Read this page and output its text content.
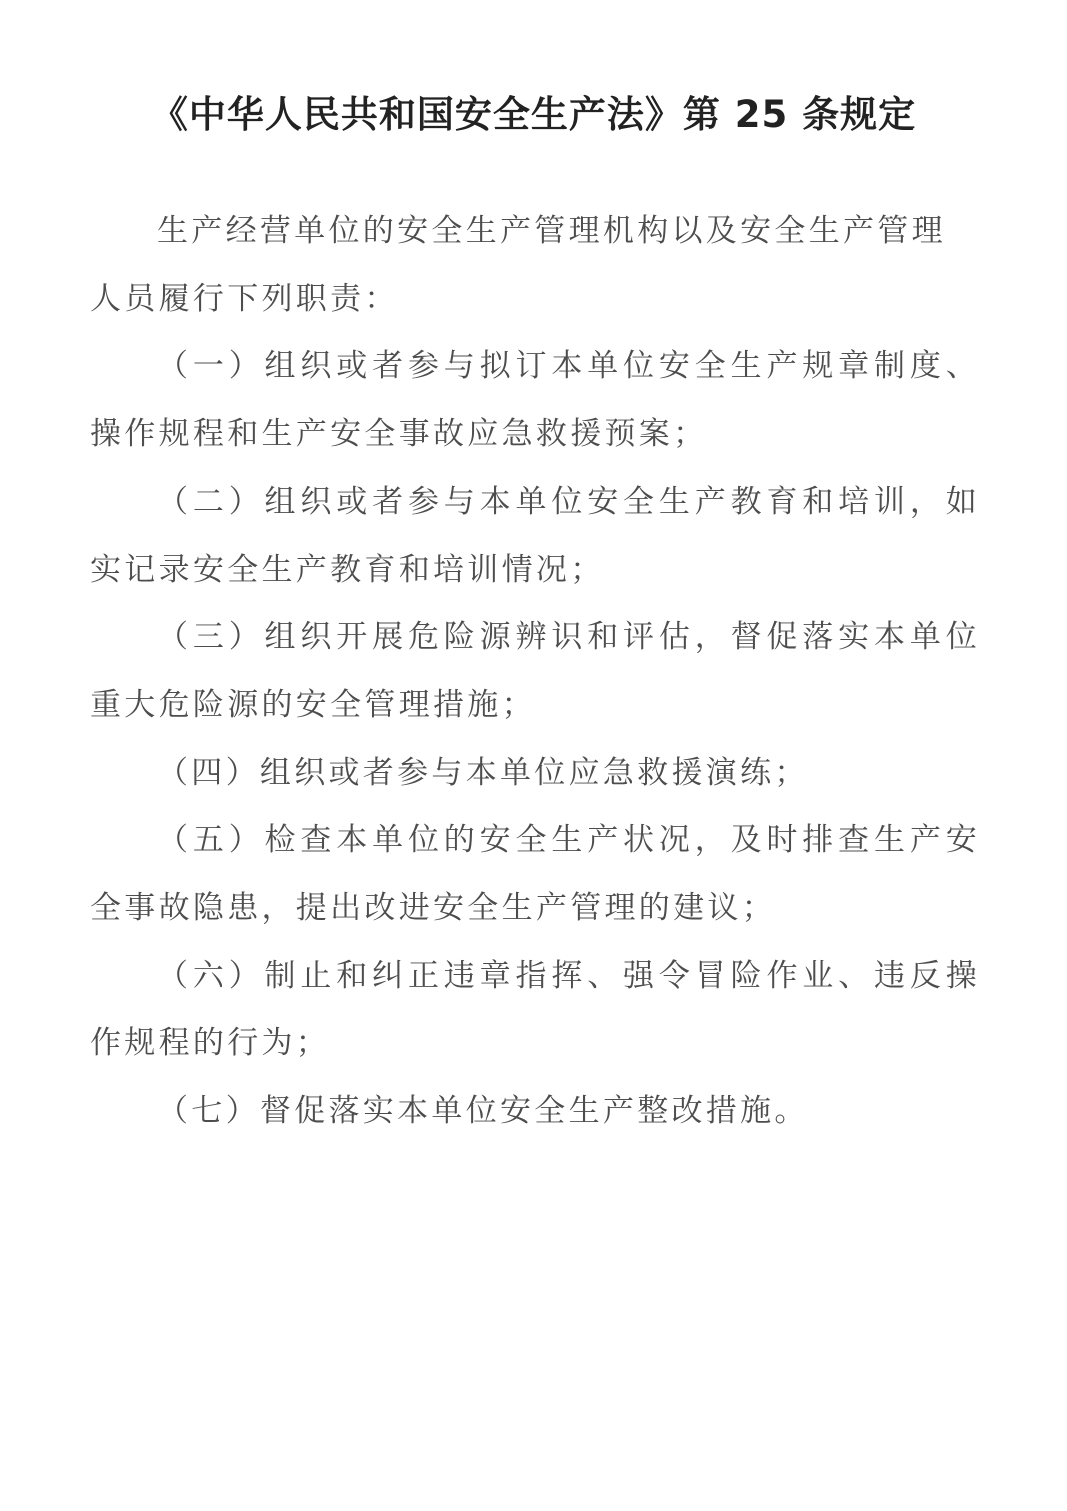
《中华人民共和国安全生产法》第 25 条规定

生产经营单位的安全生产管理机构以及安全生产管理人员履行下列职责：

（一）组织或者参与拟订本单位安全生产规章制度、操作规程和生产安全事故应急救援预案；

（二）组织或者参与本单位安全生产教育和培训，如实记录安全生产教育和培训情况；

（三）组织开展危险源辨识和评估，督促落实本单位重大危险源的安全管理措施；

（四）组织或者参与本单位应急救援演练；

（五）检查本单位的安全生产状况，及时排查生产安全事故隐患，提出改进安全生产管理的建议；

（六）制止和纠正违章指挥、强令冒险作业、违反操作规程的行为；

（七）督促落实本单位安全生产整改措施。
